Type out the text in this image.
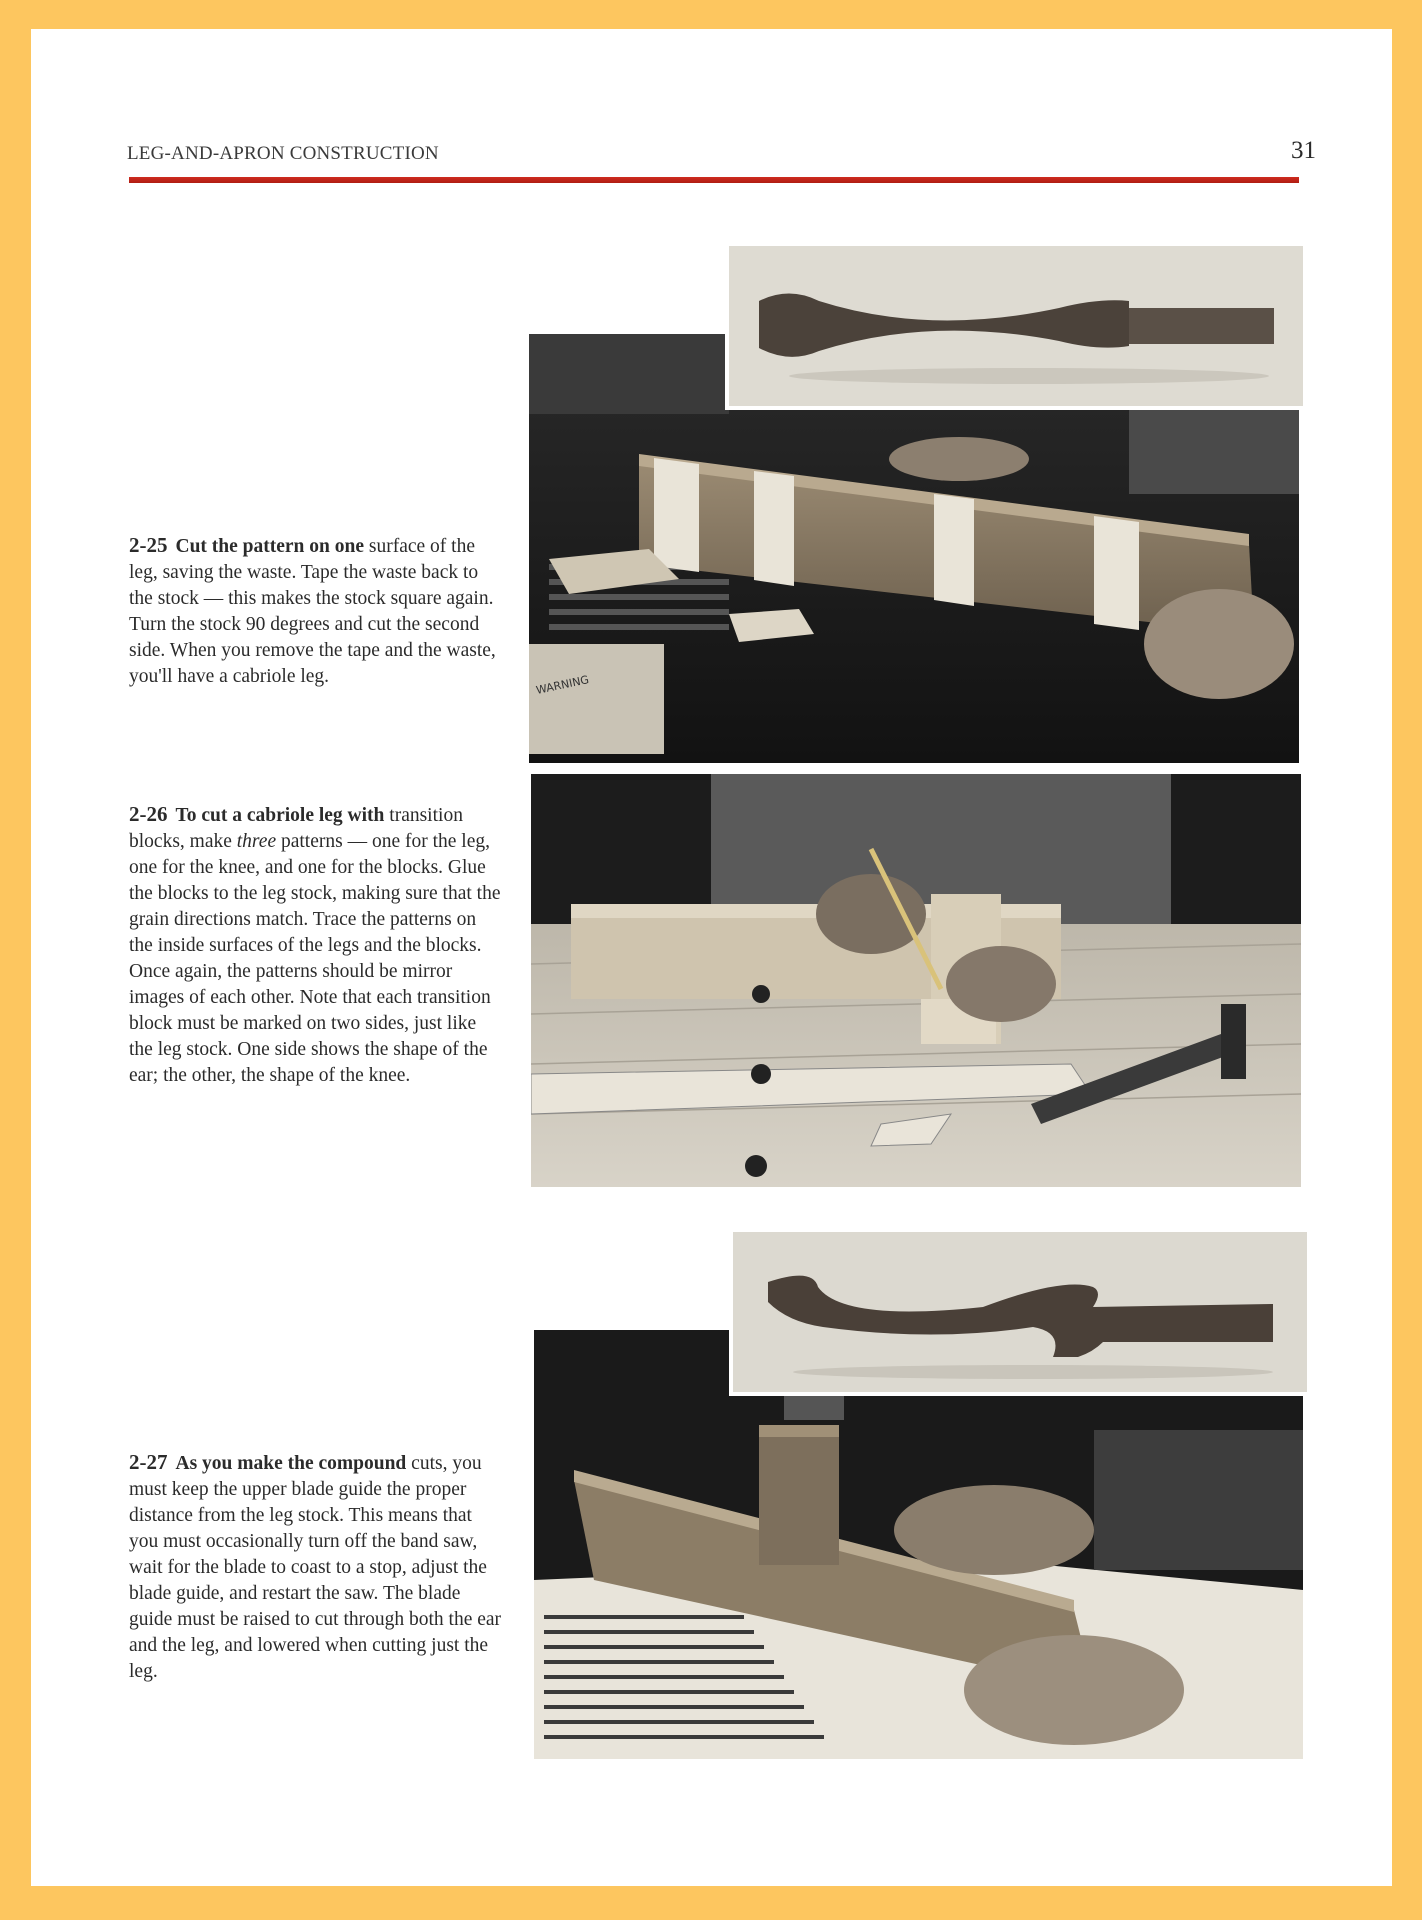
LEG-AND-APRON CONSTRUCTION	31
2-25 Cut the pattern on one surface of the leg, saving the waste. Tape the waste back to the stock — this makes the stock square again. Turn the stock 90 degrees and cut the second side. When you remove the tape and the waste, you'll have a cabriole leg.
2-26 To cut a cabriole leg with transition blocks, make three patterns — one for the leg, one for the knee, and one for the blocks. Glue the blocks to the leg stock, making sure that the grain directions match. Trace the patterns on the inside surfaces of the legs and the blocks. Once again, the patterns should be mirror images of each other. Note that each transition block must be marked on two sides, just like the leg stock. One side shows the shape of the ear; the other, the shape of the knee.
2-27 As you make the compound cuts, you must keep the upper blade guide the proper distance from the leg stock. This means that you must occasionally turn off the band saw, wait for the blade to coast to a stop, adjust the blade guide, and restart the saw. The blade guide must be raised to cut through both the ear and the leg, and lowered when cutting just the leg.
WARNING
